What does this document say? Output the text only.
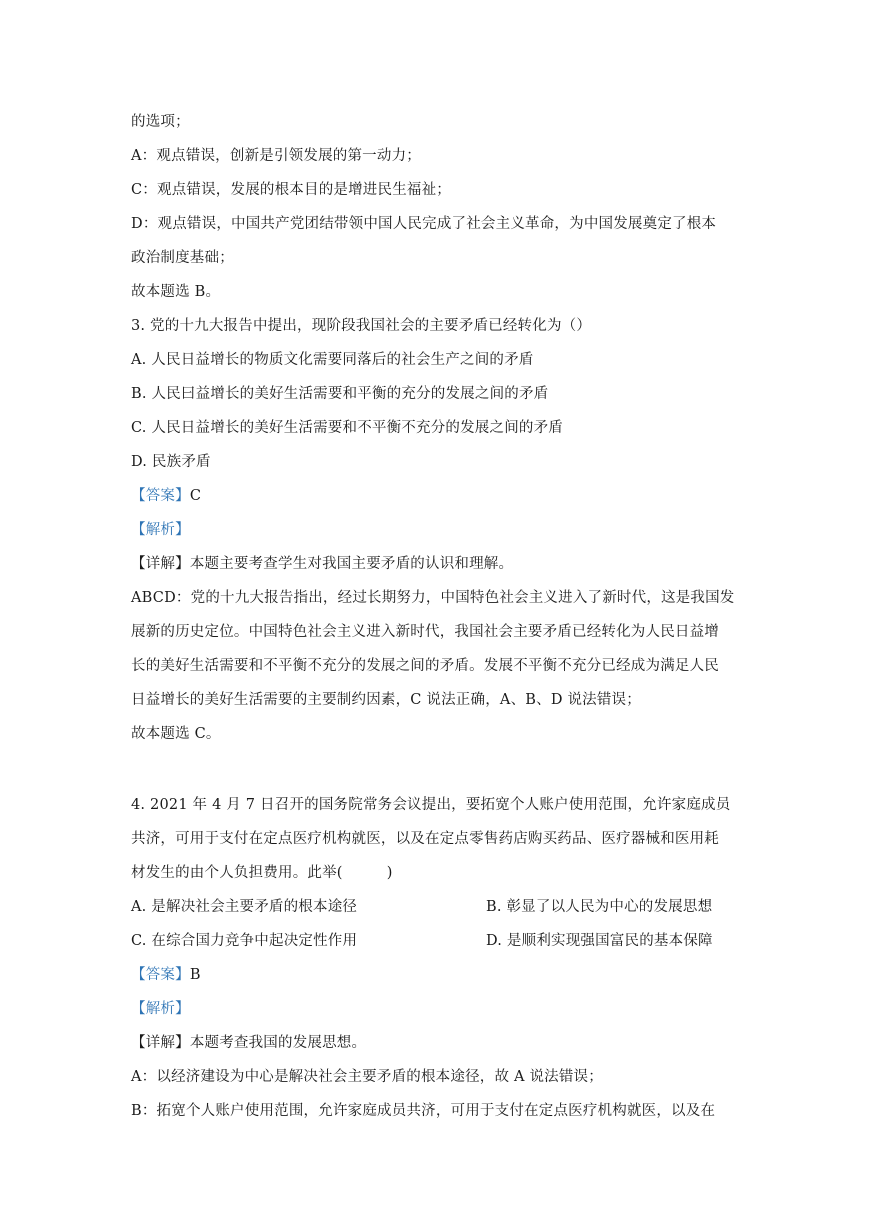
的选项；
A：观点错误，创新是引领发展的第一动力；
C：观点错误，发展的根本目的是增进民生福祉；
D：观点错误，中国共产党团结带领中国人民完成了社会主义革命，为中国发展奠定了根本
政治制度基础；
故本题选 B。
3. 党的十九大报告中提出，现阶段我国社会的主要矛盾已经转化为（）
A. 人民日益增长的物质文化需要同落后的社会生产之间的矛盾
B. 人民曰益增长的美好生活需要和平衡的充分的发展之间的矛盾
C. 人民日益增长的美好生活需要和不平衡不充分的发展之间的矛盾
D. 民族矛盾
【答案】C
【解析】
【详解】本题主要考查学生对我国主要矛盾的认识和理解。
ABCD：党的十九大报告指出，经过长期努力，中国特色社会主义进入了新时代，这是我国发
展新的历史定位。中国特色社会主义进入新时代，我国社会主要矛盾已经转化为人民日益增
长的美好生活需要和不平衡不充分的发展之间的矛盾。发展不平衡不充分已经成为满足人民
日益增长的美好生活需要的主要制约因素，C 说法正确，A、B、D 说法错误；
故本题选 C。
4. 2021 年 4 月 7 日召开的国务院常务会议提出，要拓宽个人账户使用范围，允许家庭成员
共济，可用于支付在定点医疗机构就医，以及在定点零售药店购买药品、医疗器械和医用耗
材发生的由个人负担费用。此举(　　　)
A. 是解决社会主要矛盾的根本途径	B. 彰显了以人民为中心的发展思想
C. 在综合国力竞争中起决定性作用	D. 是顺利实现强国富民的基本保障
【答案】B
【解析】
【详解】本题考查我国的发展思想。
A：以经济建设为中心是解决社会主要矛盾的根本途径，故 A 说法错误；
B：拓宽个人账户使用范围，允许家庭成员共济，可用于支付在定点医疗机构就医，以及在
